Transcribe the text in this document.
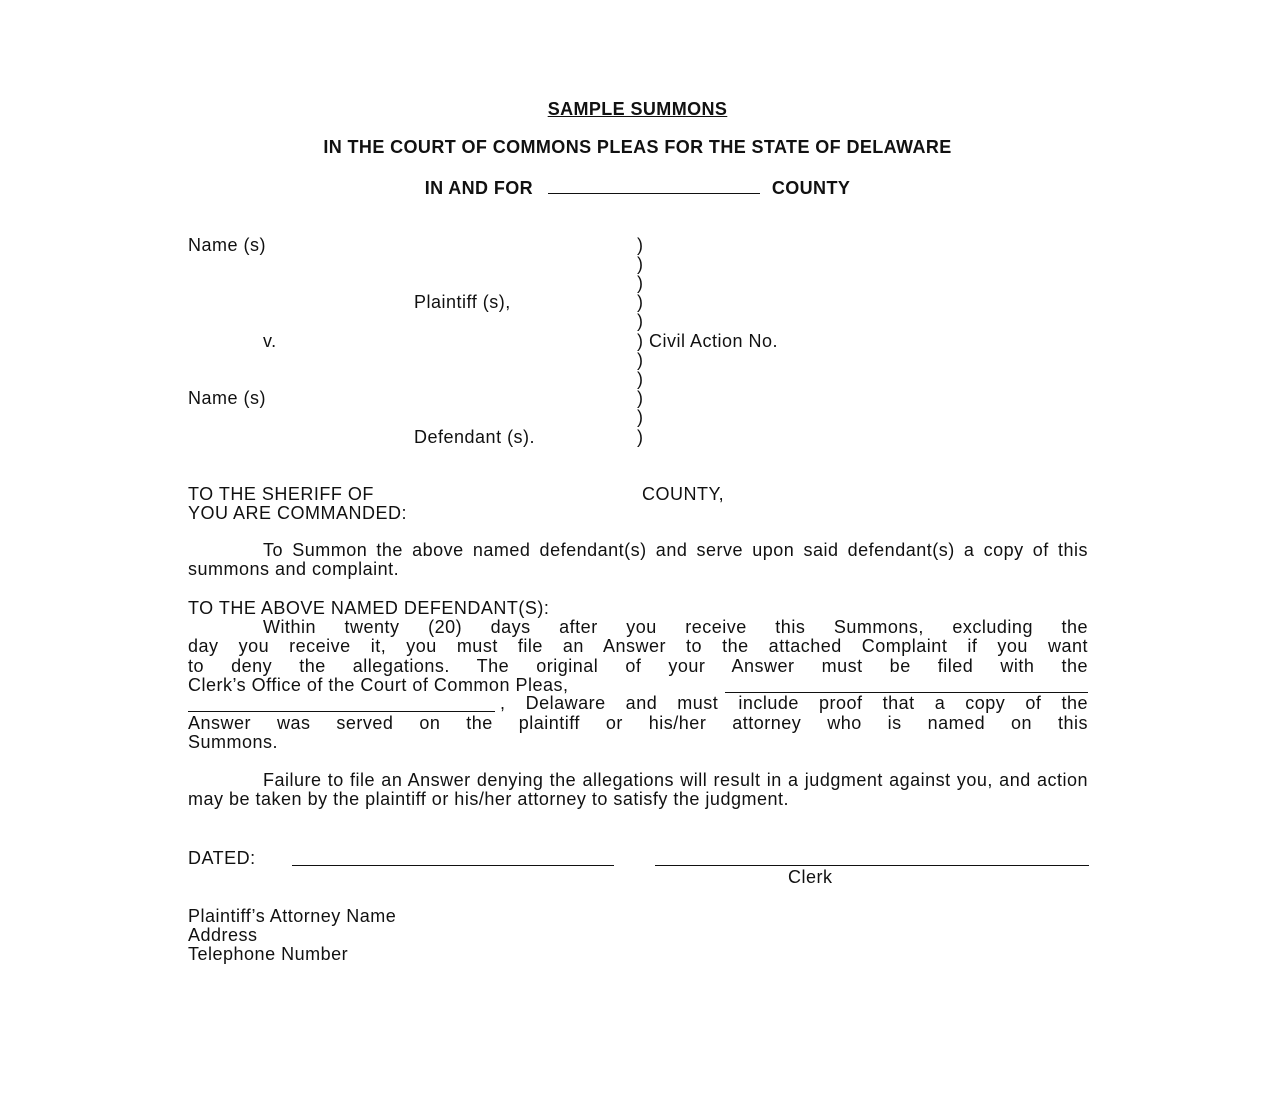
SAMPLE SUMMONS
IN THE COURT OF COMMONS PLEAS FOR THE STATE OF DELAWARE
IN AND FOR	COUNTY
Name (s)
Plaintiff (s),
v.
Name (s)
Defendant (s).
)
)
)
)
)
) Civil Action No.
)
)
)
)
)
TO THE SHERIFF OF	COUNTY,
YOU ARE COMMANDED:

To Summon the above named defendant(s) and serve upon said defendant(s) a copy of this summons and complaint.

TO THE ABOVE NAMED DEFENDANT(S):

Within twenty (20) days after you receive this Summons, excluding the

day you receive it, you must file an Answer to the attached Complaint if you want

to deny the allegations. The original of your Answer must be filed with the

Clerk’s Office of the Court of Common Pleas,

, Delaware and must include proof that a copy of the

Answer was served on the plaintiff or his/her attorney who is named on this

Summons.

Failure to file an Answer denying the allegations will result in a judgment against you, and action may be taken by the plaintiff or his/her attorney to satisfy the judgment.

DATED:
Clerk
Plaintiff’s Attorney Name
Address
Telephone Number
